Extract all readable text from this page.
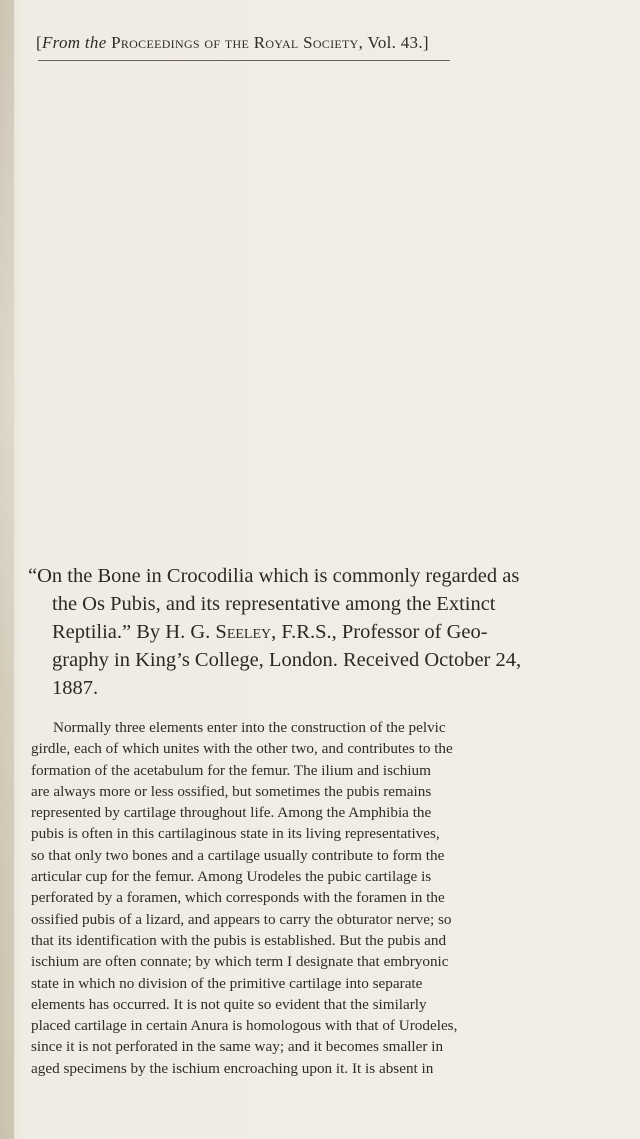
[From the Proceedings of the Royal Society, Vol. 43.]
“On the Bone in Crocodilia which is commonly regarded as
the Os Pubis, and its representative among the Extinct
Reptilia.” By H. G. Seeley, F.R.S., Professor of Geo-
graphy in King’s College, London. Received October 24,
1887.
Normally three elements enter into the construction of the pelvic
girdle, each of which unites with the other two, and contributes to the
formation of the acetabulum for the femur. The ilium and ischium
are always more or less ossified, but sometimes the pubis remains
represented by cartilage throughout life. Among the Amphibia the
pubis is often in this cartilaginous state in its living representatives,
so that only two bones and a cartilage usually contribute to form the
articular cup for the femur. Among Urodeles the pubic cartilage is
perforated by a foramen, which corresponds with the foramen in the
ossified pubis of a lizard, and appears to carry the obturator nerve; so
that its identification with the pubis is established. But the pubis and
ischium are often connate; by which term I designate that embryonic
state in which no division of the primitive cartilage into separate
elements has occurred. It is not quite so evident that the similarly
placed cartilage in certain Anura is homologous with that of Urodeles,
since it is not perforated in the same way; and it becomes smaller in
aged specimens by the ischium encroaching upon it. It is absent in
